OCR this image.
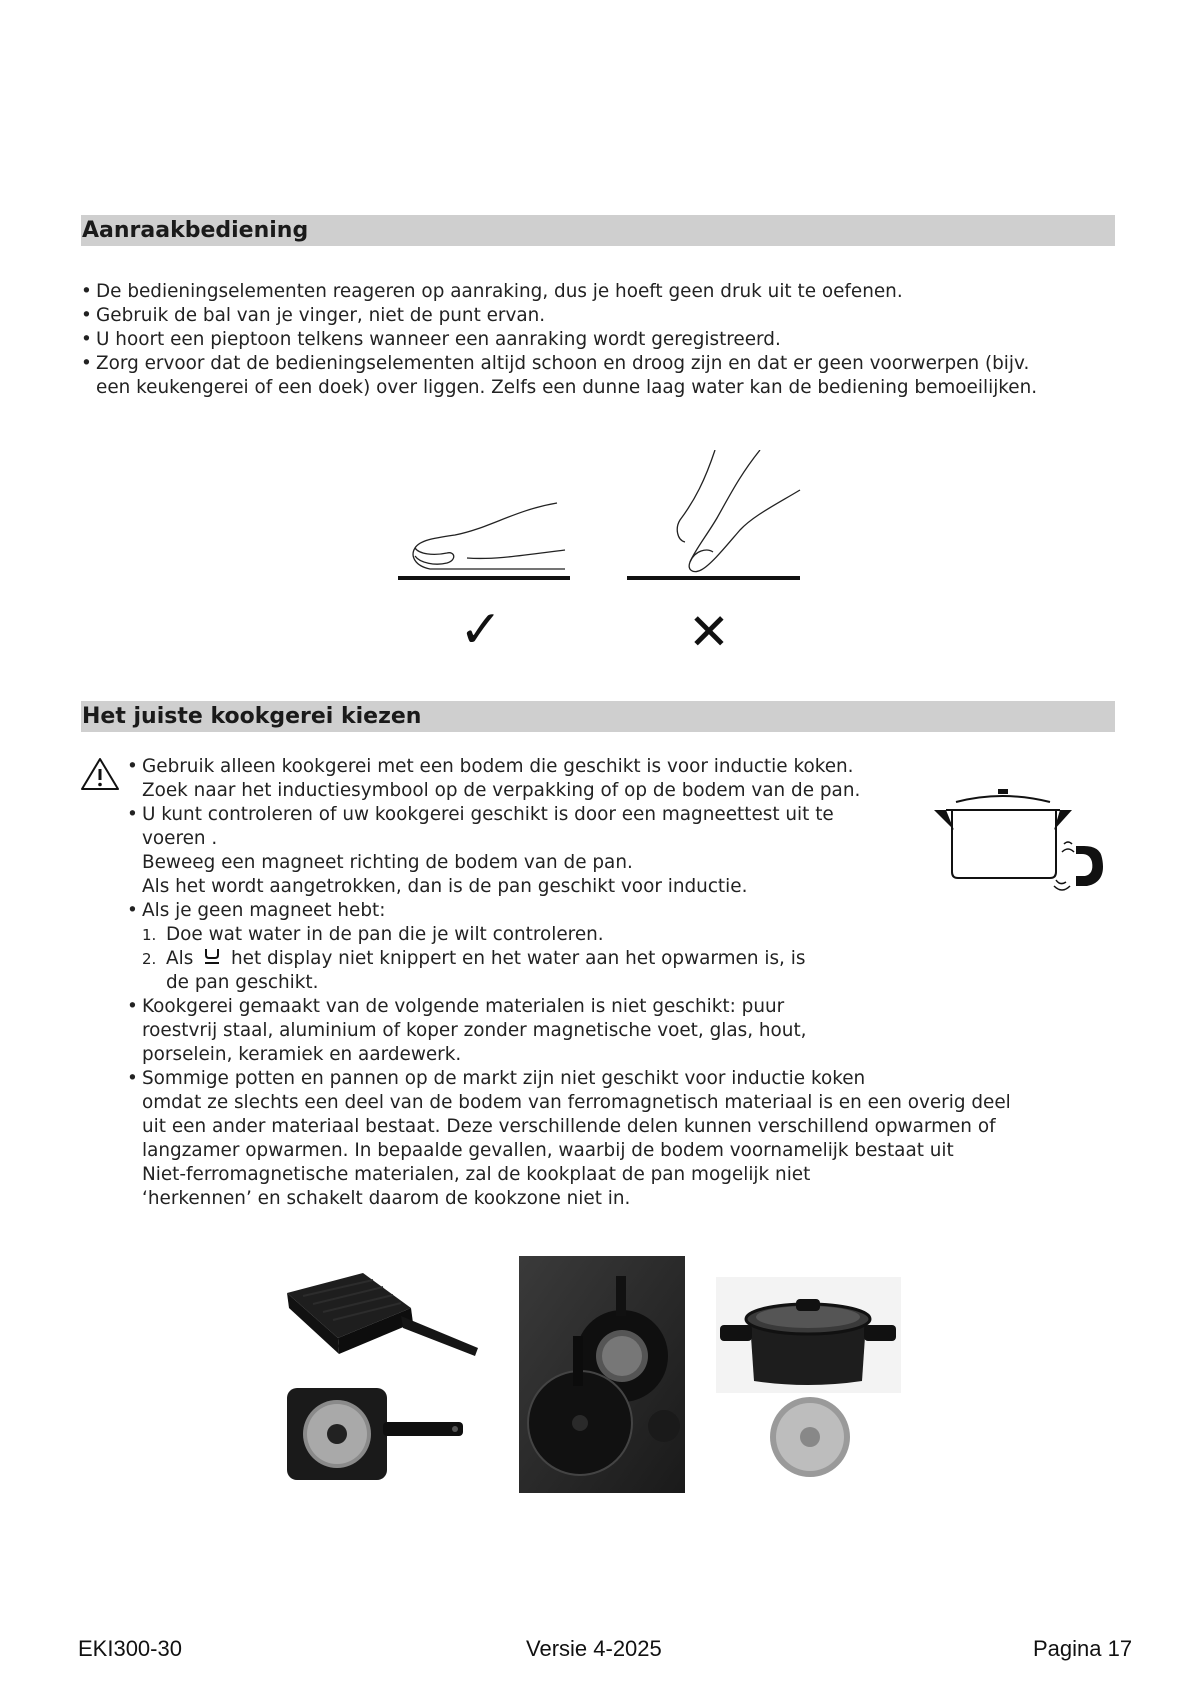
Aanraakbediening
• De bedieningselementen reageren op aanraking, dus je hoeft geen druk uit te oefenen.
• Gebruik de bal van je vinger, niet de punt ervan.
• U hoort een pieptoon telkens wanneer een aanraking wordt geregistreerd.
• Zorg ervoor dat de bedieningselementen altijd schoon en droog zijn en dat er geen voorwerpen (bijv. een keukengerei of een doek) over liggen. Zelfs een dunne laag water kan de bediening bemoeilijken.
✓	✕
Het juiste kookgerei kiezen
• Gebruik alleen kookgerei met een bodem die geschikt is voor inductie koken.
Zoek naar het inductiesymbool op de verpakking of op de bodem van de pan.
• U kunt controleren of uw kookgerei geschikt is door een magneettest uit te
voeren .
Beweeg een magneet richting de bodem van de pan.
Als het wordt aangetrokken, dan is de pan geschikt voor inductie.
• Als je geen magneet hebt:
1. Doe wat water in de pan die je wilt controleren.
2. Als het display niet knippert en het water aan het opwarmen is, is
de pan geschikt.
• Kookgerei gemaakt van de volgende materialen is niet geschikt: puur
roestvrij staal, aluminium of koper zonder magnetische voet, glas, hout,
porselein, keramiek en aardewerk.
• Sommige potten en pannen op de markt zijn niet geschikt voor inductie koken
omdat ze slechts een deel van de bodem van ferromagnetisch materiaal is en een overig deel
uit een ander materiaal bestaat. Deze verschillende delen kunnen verschillend opwarmen of
langzamer opwarmen. In bepaalde gevallen, waarbij de bodem voornamelijk bestaat uit
Niet-ferromagnetische materialen, zal de kookplaat de pan mogelijk niet
‘herkennen’ en schakelt daarom de kookzone niet in.
EKI300-30	Versie 4-2025	Pagina 17
